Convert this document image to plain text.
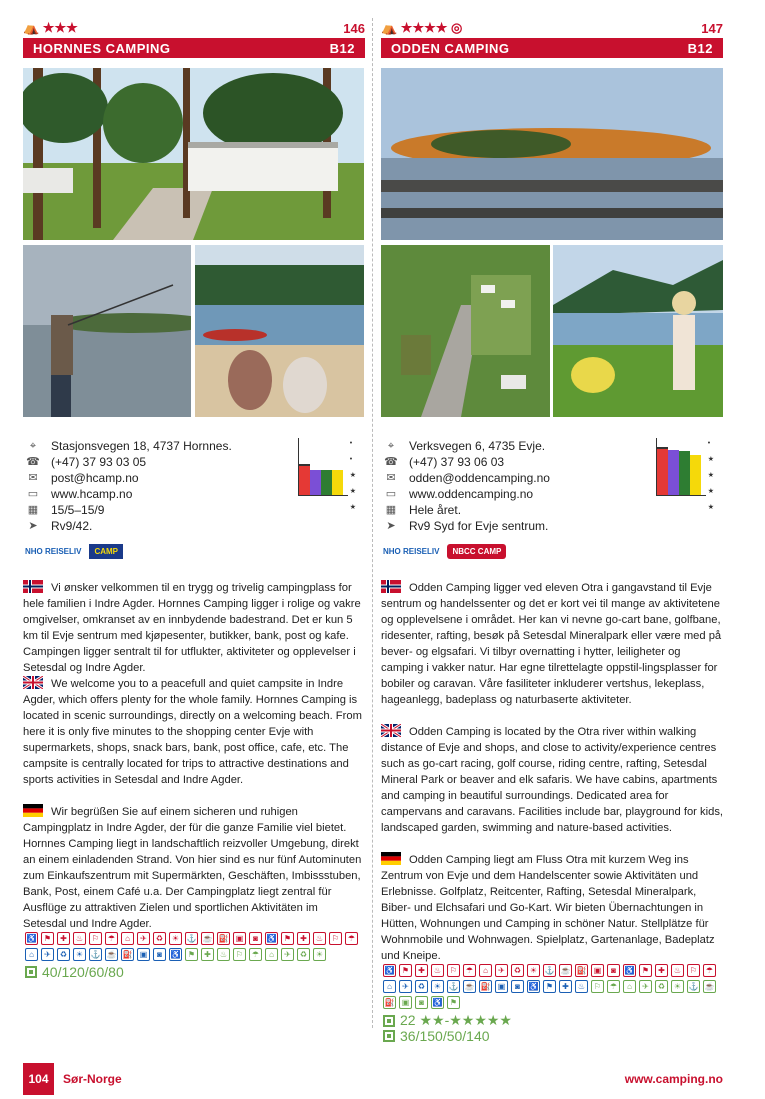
⛺ ★★★	146
HORNNES CAMPING	B12
⌖	Stasjonsvegen 18, 4737 Hornnes.
☎ (+47) 37 93 03 05
✉ post@hcamp.no
▭ www.hcamp.no
▦ 15/5–15/9
➤ Rv9/42.
•

•

★

★

★
NHO REISELIV	CAMP
Vi ønsker velkommen til en trygg og trivelig campingplass for hele familien i Indre Agder. Hornnes Camping ligger i rolige og vakre omgivelser, omkranset av en innbydende badestrand. Det er kun 5 km til Evje sentrum med kjøpesenter, butikker, bank, post og kafe. Campingen ligger sentralt til for utflukter, aktiviteter og opplevelser i Setesdal og Indre Agder.
We welcome you to a peacefull and quiet campsite in Indre Agder, which offers plenty for the whole family. Hornnes Camping is located in scenic surroundings, directly on a welcoming beach. From here it is only five minutes to the shopping center Evje with supermarkets, shops, snack bars, bank, post office, cafe, etc. The campsite is centrally located for trips to attractive destinations and sports activities in Setesdal and Indre Agder.
Wir begrüßen Sie auf einem sicheren und ruhigen Campingplatz in Indre Agder, der für die ganze Familie viel bietet. Hornnes Camping liegt in landschaftlich reizvoller Umgebung, direkt an einem einladenden Strand. Von hier sind es nur fünf Autominuten zum Einkaufszentrum mit Supermärkten, Geschäften, Imbissstuben, Bank, Post, einem Café u.a. Der Campingplatz liegt zentral für Ausflüge zu attraktiven Zielen und sportlichen Aktivitäten im Setesdal und Indre Agder.
♿ ⚑	✚	♨	⚐	☂	⌂	✈	♻	☀ ⚓ ☕ ⛽ ▣	◙	♿ ⚑	✚	♨	⚐	☂
⌂	✈	♻	☀ ⚓ ☕ ⛽ ▣	◙	♿ ⚑	✚	♨	⚐	☂	⌂	✈	♻	☀
40/120/60/80
⛺ ★★★★ ◎	147
ODDEN CAMPING	B12
⌖	Verksvegen 6, 4735 Evje.
☎ (+47) 37 93 06 03
✉ odden@oddencamping.no
▭ www.oddencamping.no
▦ Hele året.
➤ Rv9 Syd for Evje sentrum.
•

★

★

★

★
NHO REISELIV	NBCC CAMP
Odden Camping ligger ved eleven Otra i gangavstand til Evje sentrum og handelssenter og det er kort vei til mange av aktivitetene og opplevelsene i området. Her kan vi nevne go-cart bane, golfbane, ridesenter, rafting, besøk på Setesdal Mineralpark eller være med på bever- og elgsafari. Vi tilbyr overnatting i hytter, leiligheter og camping i vakker natur. Har egne tilrettelagte oppstil-lingsplasser for bobiler og caravan. Våre fasiliteter inkluderer vertshus, lekeplass, hageanlegg, badeplass og naturbaserte aktiviteter.
Odden Camping is located by the Otra river within walking distance of Evje and shops, and close to activity/experience centres such as go-cart racing, golf course, riding centre, rafting, Setesdal Mineral Park or beaver and elk safaris. We have cabins, apartments and camping in beautiful surroundings. Dedicated area for campervans and caravans. Facilities include bar, playground for kids, landscaped garden, swimming and nature-based activities.
Odden Camping liegt am Fluss Otra mit kurzem Weg ins Zentrum von Evje und dem Handelscenter sowie Aktivitäten und Erlebnisse. Golfplatz, Reitcenter, Rafting, Setesdal Mineralpark, Biber- und Elchsafari und Go-Kart. Wir bieten Übernachtungen in Hütten, Wohnungen und Camping in schöner Natur. Stellplätze für Wohnmobile und Wohnwagen. Spielplatz, Gartenanlage, Badeplatz und Kneipe.
♿ ⚑	✚	♨	⚐	☂	⌂	✈	♻	☀ ⚓ ☕ ⛽ ▣	◙	♿ ⚑	✚	♨	⚐	☂
⌂	✈	♻	☀ ⚓ ☕ ⛽ ▣	◙	♿ ⚑	✚	♨	⚐	☂	⌂	✈	♻	☀ ⚓ ☕
⛽ ▣	◙	♿ ⚑
22 ★★-★★★★★
36/150/50/140
104	Sør-Norge	www.camping.no
